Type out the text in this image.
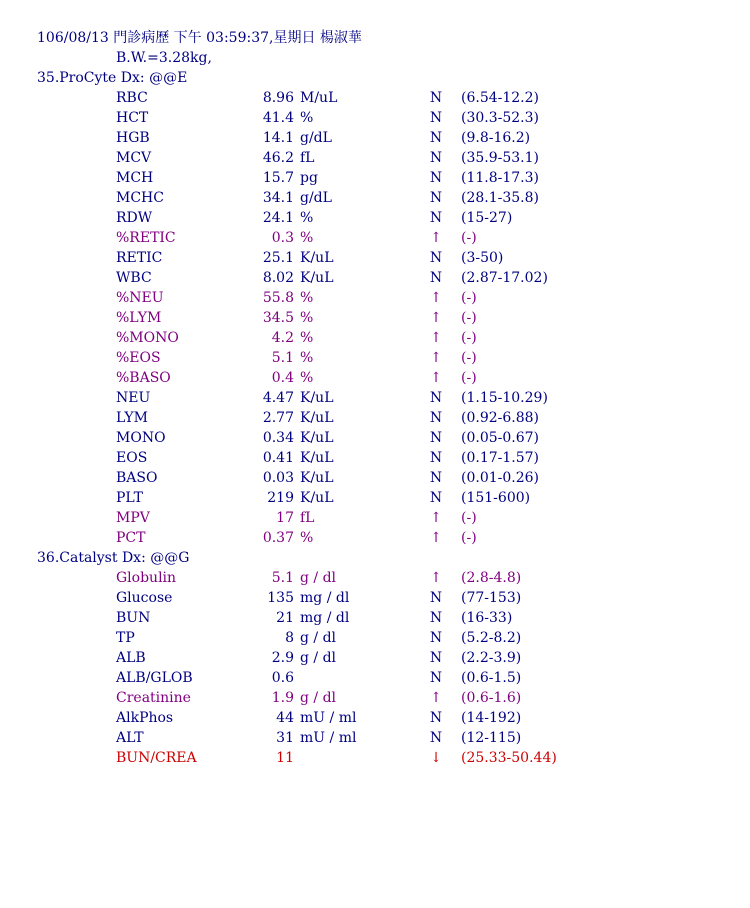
106/08/13 門診病歷 下午 03:59:37,星期日 楊淑華
B.W.=3.28kg,
35.ProCyte Dx: @@E
RBC	8.96 M/uL	N	(6.54-12.2)
HCT	41.4 %	N	(30.3-52.3)
HGB	14.1 g/dL	N	(9.8-16.2)
MCV	46.2 fL	N	(35.9-53.1)
MCH	15.7 pg	N	(11.8-17.3)
MCHC	34.1 g/dL	N	(28.1-35.8)
RDW	24.1 %	N	(15-27)
%RETIC	0.3 %	↑	(-)
RETIC	25.1 K/uL	N	(3-50)
WBC	8.02 K/uL	N	(2.87-17.02)
%NEU	55.8 %	↑	(-)
%LYM	34.5 %	↑	(-)
%MONO	4.2 %	↑	(-)
%EOS	5.1 %	↑	(-)
%BASO	0.4 %	↑	(-)
NEU	4.47 K/uL	N	(1.15-10.29)
LYM	2.77 K/uL	N	(0.92-6.88)
MONO	0.34 K/uL	N	(0.05-0.67)
EOS	0.41 K/uL	N	(0.17-1.57)
BASO	0.03 K/uL	N	(0.01-0.26)
PLT	219 K/uL	N	(151-600)
MPV	17 fL	↑	(-)
PCT	0.37 %	↑	(-)
36.Catalyst Dx: @@G
Globulin	5.1 g / dl	↑	(2.8-4.8)
Glucose	135 mg / dl	N	(77-153)
BUN	21 mg / dl	N	(16-33)
TP	8 g / dl	N	(5.2-8.2)
ALB	2.9 g / dl	N	(2.2-3.9)
ALB/GLOB	0.6	N	(0.6-1.5)
Creatinine	1.9 g / dl	↑	(0.6-1.6)
AlkPhos	44 mU / ml	N	(14-192)
ALT	31 mU / ml	N	(12-115)
BUN/CREA	11	↓	(25.33-50.44)
